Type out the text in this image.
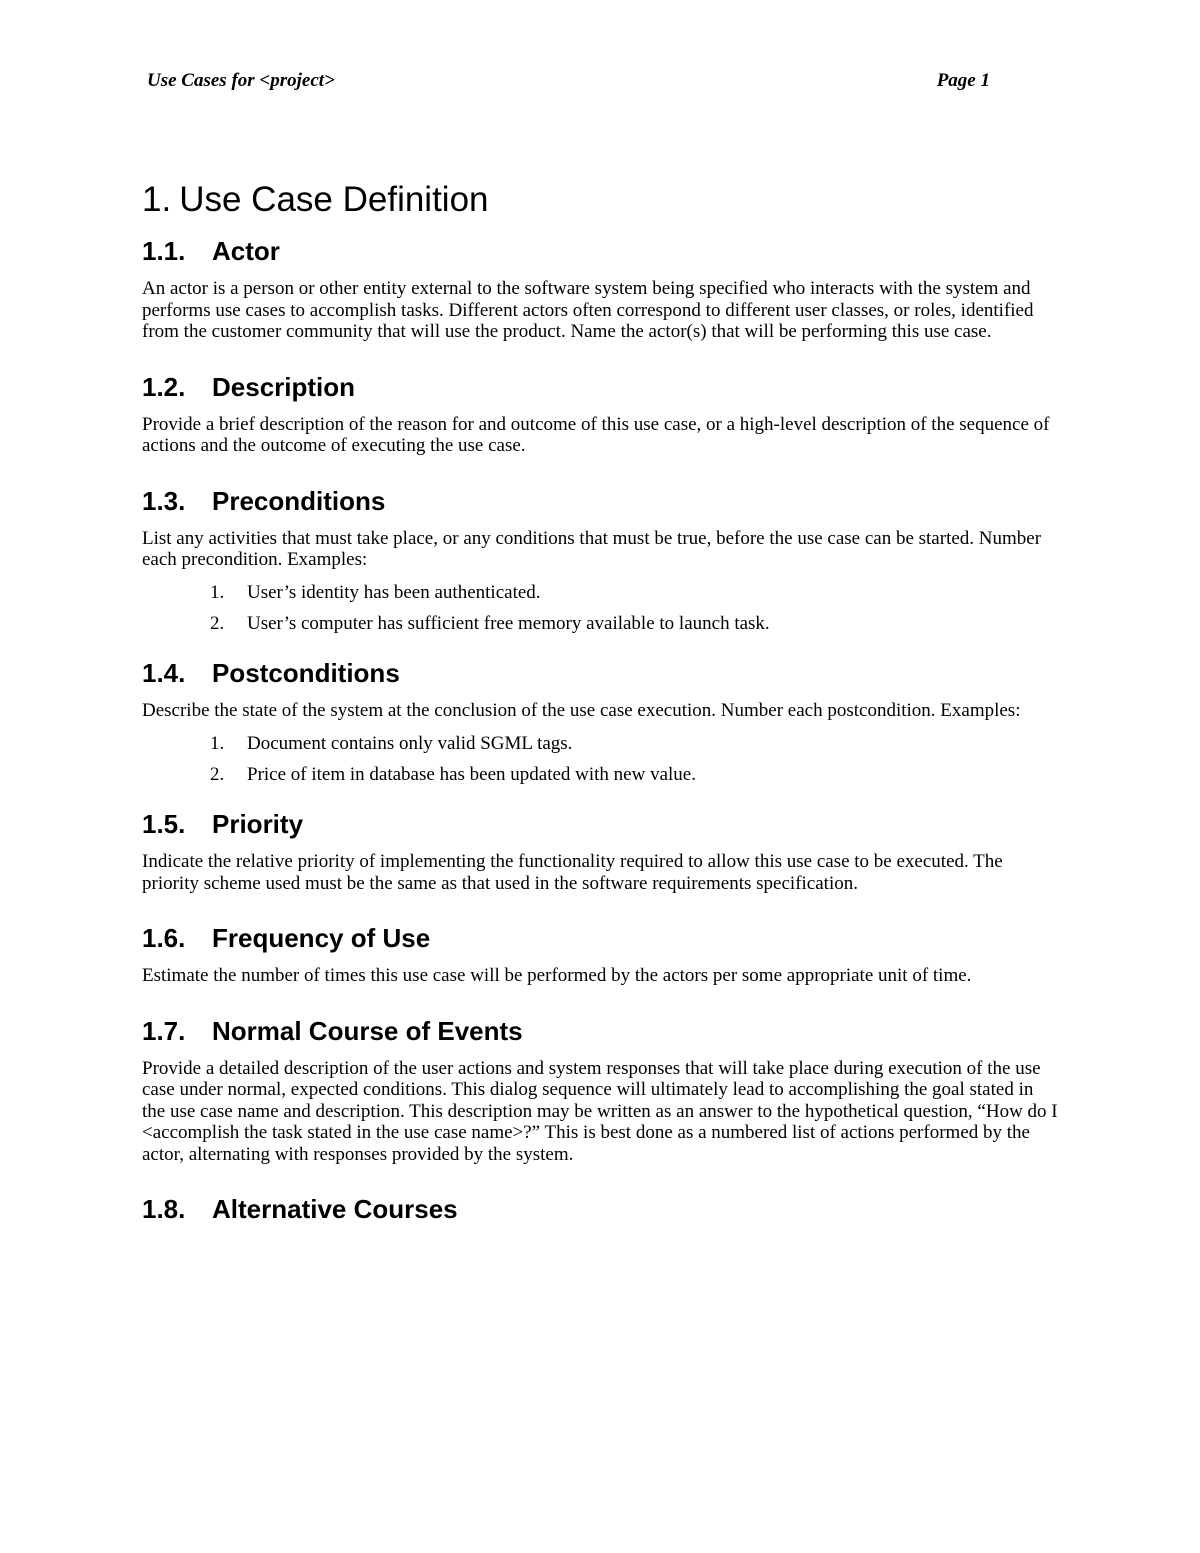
Use Cases for <project>	Page 1
1. Use Case Definition
1.1.	Actor

An actor is a person or other entity external to the software system being specified who interacts with the system and performs use cases to accomplish tasks. Different actors often correspond to different user classes, or roles, identified from the customer community that will use the product. Name the actor(s) that will be performing this use case.

1.2.	Description

Provide a brief description of the reason for and outcome of this use case, or a high-level description of the sequence of actions and the outcome of executing the use case.

1.3.	Preconditions

List any activities that must take place, or any conditions that must be true, before the use case can be started. Number each precondition. Examples:

1.	User’s identity has been authenticated.
2.	User’s computer has sufficient free memory available to launch task.
1.4.	Postconditions

Describe the state of the system at the conclusion of the use case execution. Number each postcondition. Examples:

1.	Document contains only valid SGML tags.
2.	Price of item in database has been updated with new value.
1.5.	Priority

Indicate the relative priority of implementing the functionality required to allow this use case to be executed. The priority scheme used must be the same as that used in the software requirements specification.

1.6.	Frequency of Use

Estimate the number of times this use case will be performed by the actors per some appropriate unit of time.

1.7.	Normal Course of Events

Provide a detailed description of the user actions and system responses that will take place during execution of the use case under normal, expected conditions. This dialog sequence will ultimately lead to accomplishing the goal stated in the use case name and description. This description may be written as an answer to the hypothetical question, “How do I <accomplish the task stated in the use case name>?” This is best done as a numbered list of actions performed by the actor, alternating with responses provided by the system.

1.8.	Alternative Courses
